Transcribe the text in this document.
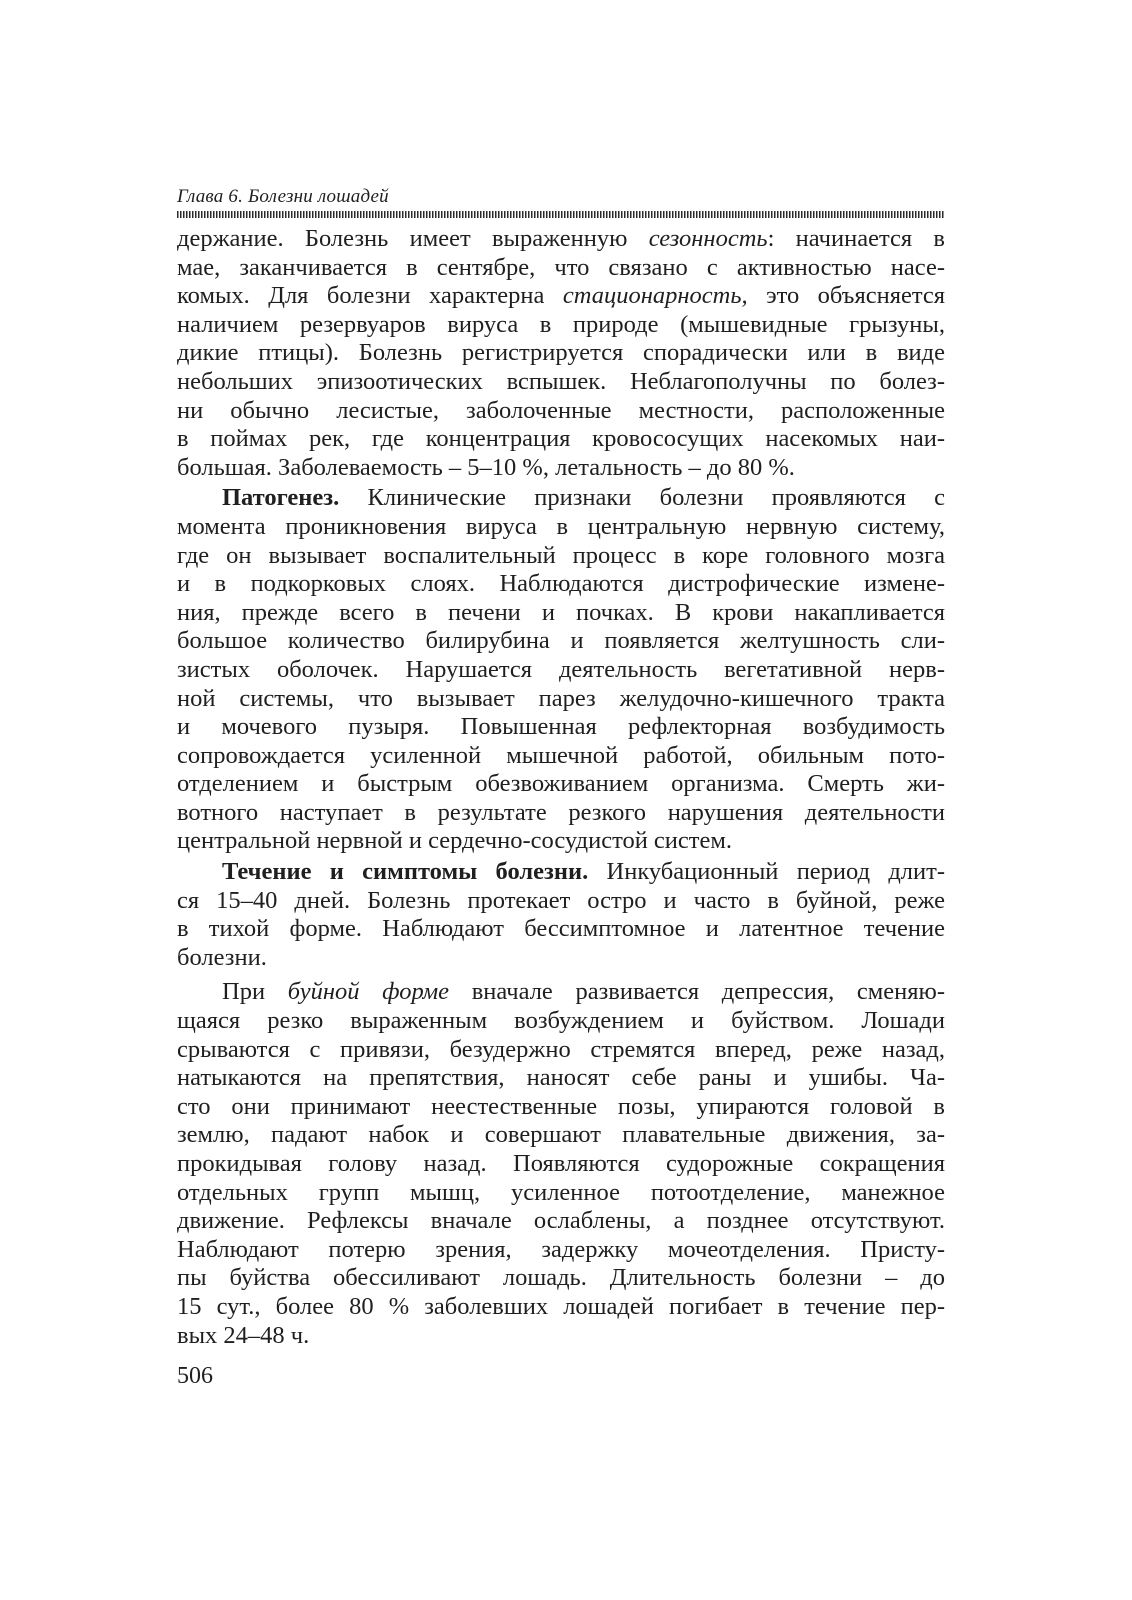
Глава 6. Болезни лошадей
держание. Болезнь имеет выраженную сезонность: начинается в
мае, заканчивается в сентябре, что связано с активностью насе-
комых. Для болезни характерна стационарность, это объясняется
наличием резервуаров вируса в природе (мышевидные грызуны,
дикие птицы). Болезнь регистрируется спорадически или в виде
небольших эпизоотических вспышек. Неблагополучны по болез-
ни обычно лесистые, заболоченные местности, расположенные
в поймах рек, где концентрация кровососущих насекомых наи-
большая. Заболеваемость – 5–10 %, летальность – до 80 %.
Патогенез. Клинические признаки болезни проявляются с
момента проникновения вируса в центральную нервную систему,
где он вызывает воспалительный процесс в коре головного мозга
и в подкорковых слоях. Наблюдаются дистрофические измене-
ния, прежде всего в печени и почках. В крови накапливается
большое количество билирубина и появляется желтушность сли-
зистых оболочек. Нарушается деятельность вегетативной нерв-
ной системы, что вызывает парез желудочно-кишечного тракта
и мочевого пузыря. Повышенная рефлекторная возбудимость
сопровождается усиленной мышечной работой, обильным пото-
отделением и быстрым обезвоживанием организма. Смерть жи-
вотного наступает в результате резкого нарушения деятельности
центральной нервной и сердечно-сосудистой систем.
Течение и симптомы болезни. Инкубационный период длит-
ся 15–40 дней. Болезнь протекает остро и часто в буйной, реже
в тихой форме. Наблюдают бессимптомное и латентное течение
болезни.
При буйной форме вначале развивается депрессия, сменяю-
щаяся резко выраженным возбуждением и буйством. Лошади
срываются с привязи, безудержно стремятся вперед, реже назад,
натыкаются на препятствия, наносят себе раны и ушибы. Ча-
сто они принимают неестественные позы, упираются головой в
землю, падают набок и совершают плавательные движения, за-
прокидывая голову назад. Появляются судорожные сокращения
отдельных групп мышц, усиленное потоотделение, манежное
движение. Рефлексы вначале ослаблены, а позднее отсутствуют.
Наблюдают потерю зрения, задержку мочеотделения. Присту-
пы буйства обессиливают лошадь. Длительность болезни – до
15 сут., более 80 % заболевших лошадей погибает в течение пер-
вых 24–48 ч.
506
